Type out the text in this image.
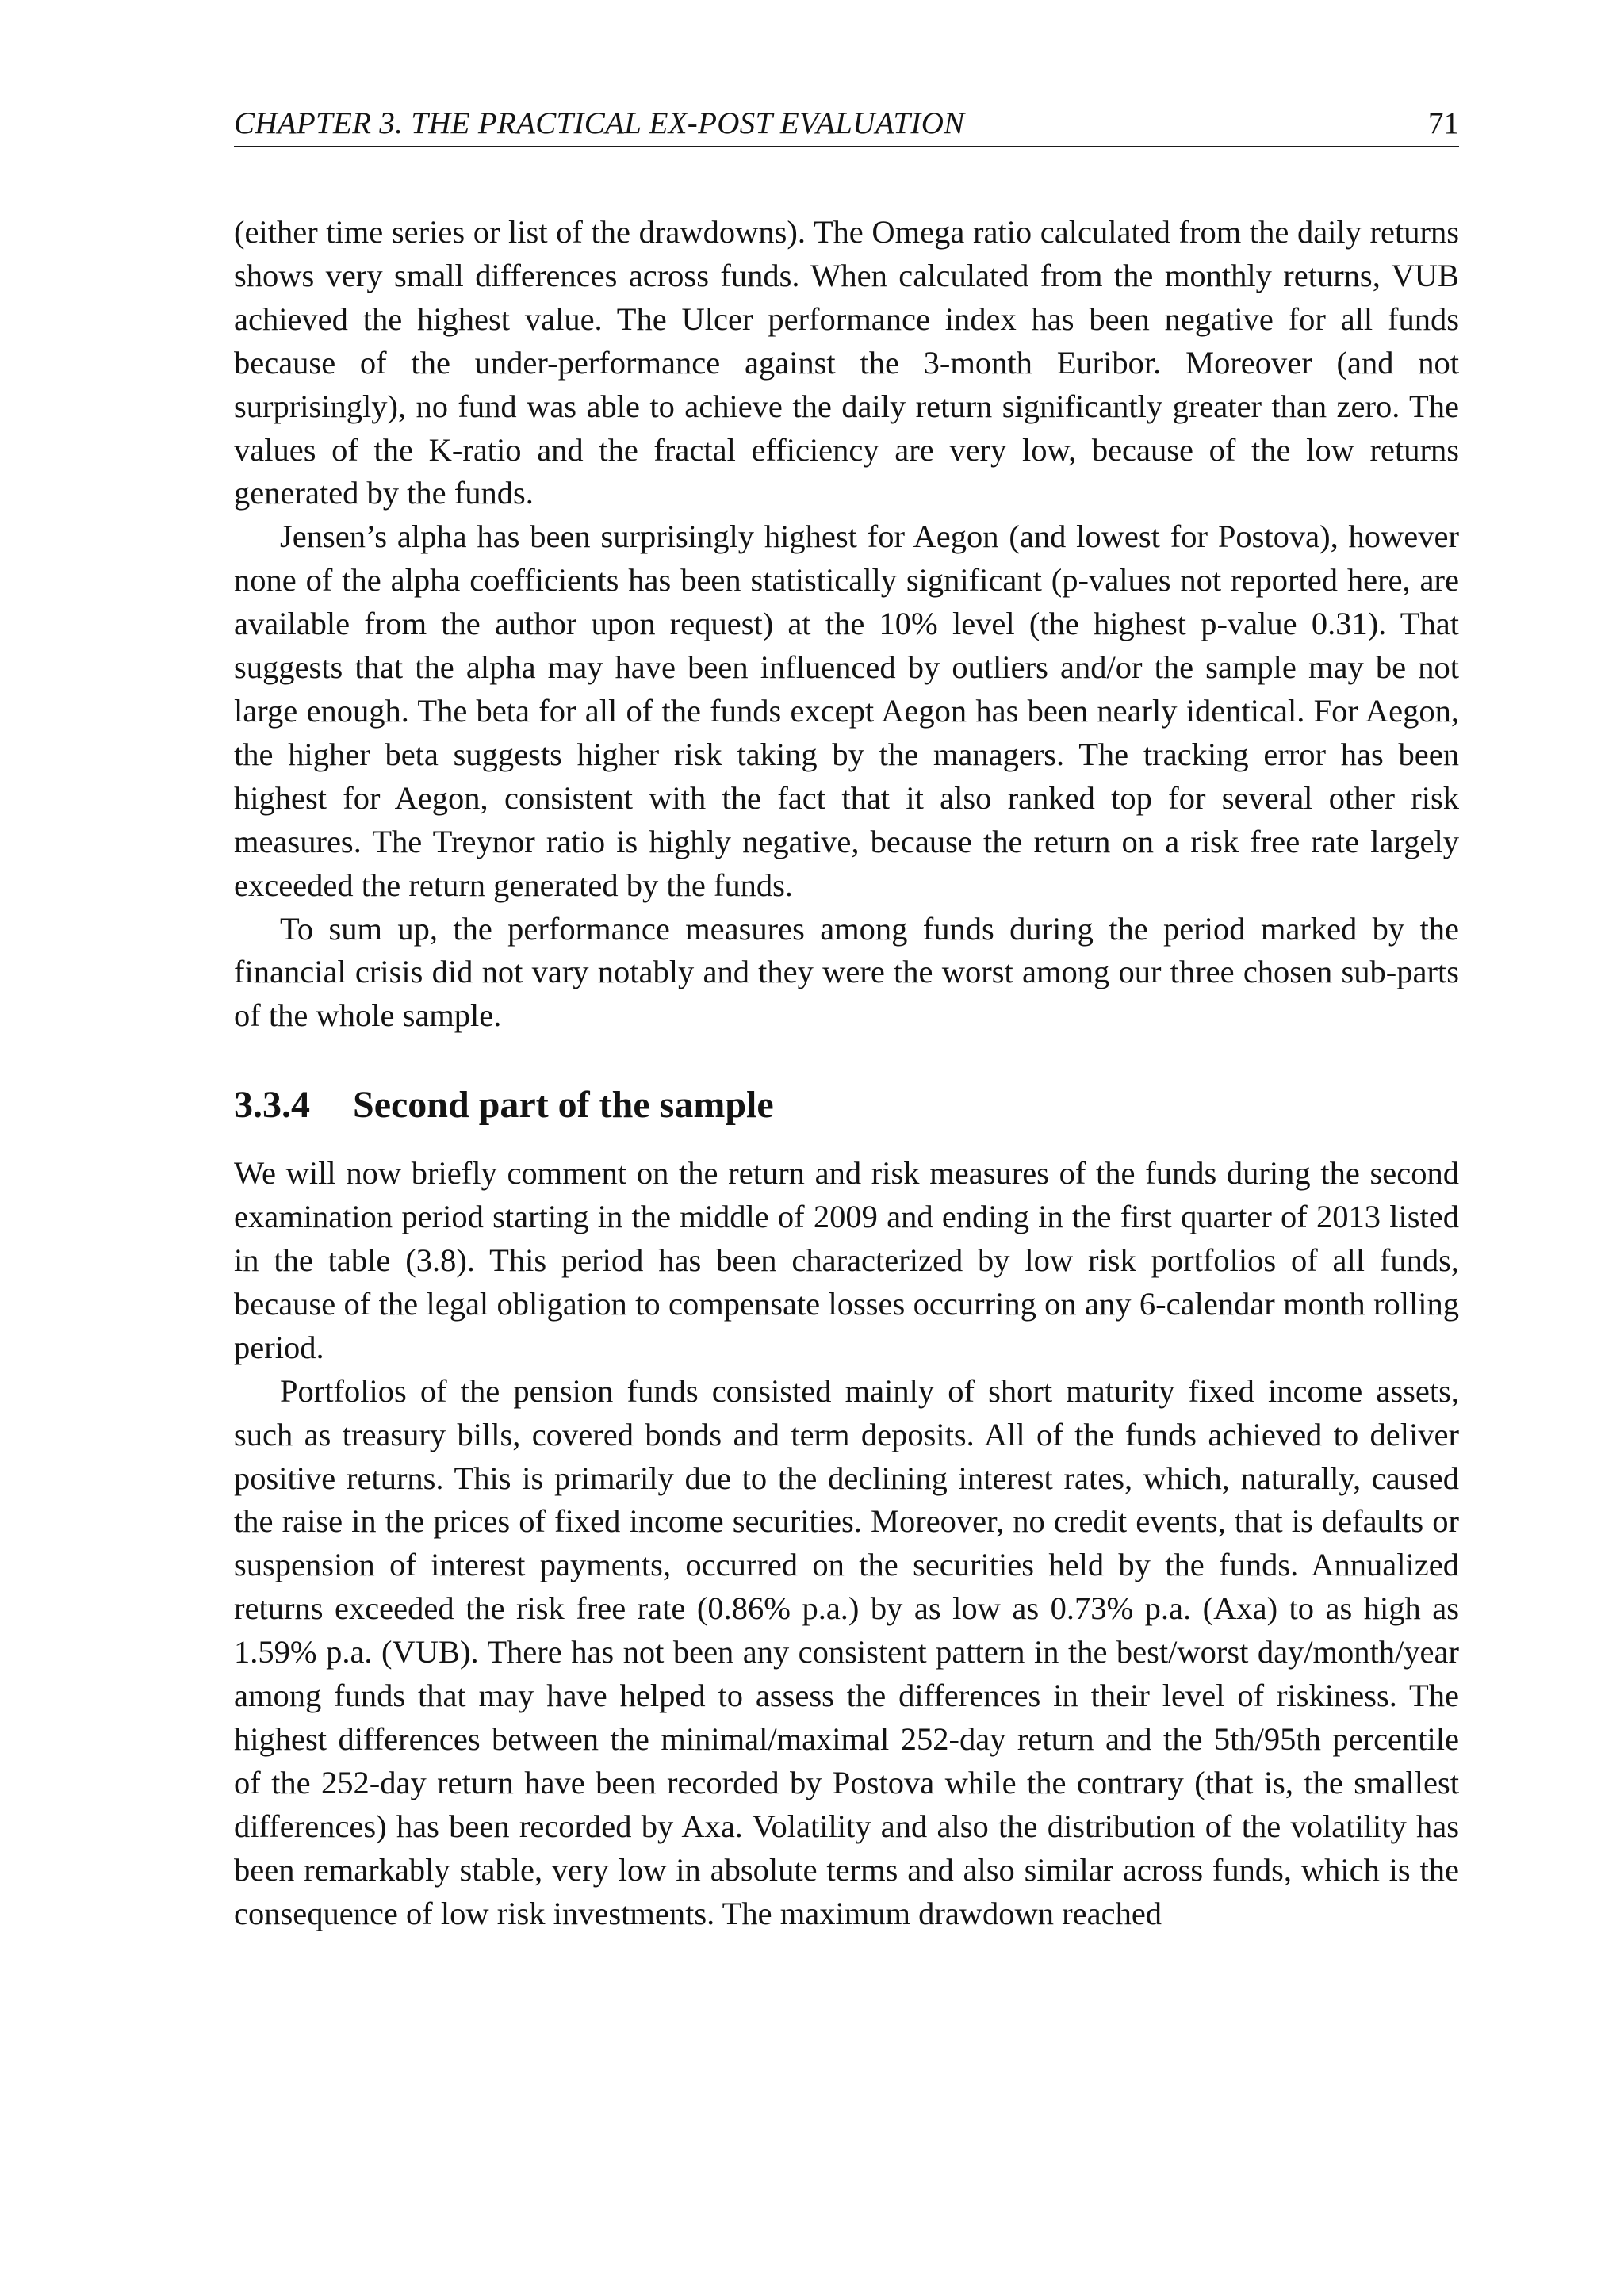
CHAPTER 3. THE PRACTICAL EX-POST EVALUATION	71

(either time series or list of the drawdowns). The Omega ratio calculated from the daily returns shows very small differences across funds. When calculated from the monthly returns, VUB achieved the highest value. The Ulcer performance index has been negative for all funds because of the under-performance against the 3-month Euribor. Moreover (and not surprisingly), no fund was able to achieve the daily return significantly greater than zero. The values of the K-ratio and the fractal efficiency are very low, because of the low returns generated by the funds.

Jensen’s alpha has been surprisingly highest for Aegon (and lowest for Postova), however none of the alpha coefficients has been statistically significant (p-values not reported here, are available from the author upon request) at the 10% level (the highest p-value 0.31). That suggests that the alpha may have been influenced by outliers and/or the sample may be not large enough. The beta for all of the funds except Aegon has been nearly identical. For Aegon, the higher beta suggests higher risk taking by the managers. The tracking error has been highest for Aegon, consistent with the fact that it also ranked top for several other risk measures. The Treynor ratio is highly negative, because the return on a risk free rate largely exceeded the return generated by the funds.

To sum up, the performance measures among funds during the period marked by the financial crisis did not vary notably and they were the worst among our three chosen sub-parts of the whole sample.

3.3.4 Second part of the sample

We will now briefly comment on the return and risk measures of the funds during the second examination period starting in the middle of 2009 and ending in the first quarter of 2013 listed in the table (3.8). This period has been characterized by low risk portfolios of all funds, because of the legal obligation to compensate losses occurring on any 6-calendar month rolling period.

Portfolios of the pension funds consisted mainly of short maturity fixed income assets, such as treasury bills, covered bonds and term deposits. All of the funds achieved to deliver positive returns. This is primarily due to the declining interest rates, which, naturally, caused the raise in the prices of fixed income securities. Moreover, no credit events, that is defaults or suspension of interest payments, occurred on the securities held by the funds. Annualized returns exceeded the risk free rate (0.86% p.a.) by as low as 0.73% p.a. (Axa) to as high as 1.59% p.a. (VUB). There has not been any consistent pattern in the best/worst day/month/year among funds that may have helped to assess the differences in their level of riskiness. The highest differences between the minimal/maximal 252-day return and the 5th/95th percentile of the 252-day return have been recorded by Postova while the contrary (that is, the smallest differences) has been recorded by Axa. Volatility and also the distribution of the volatility has been remarkably stable, very low in absolute terms and also similar across funds, which is the consequence of low risk investments. The maximum drawdown reached
